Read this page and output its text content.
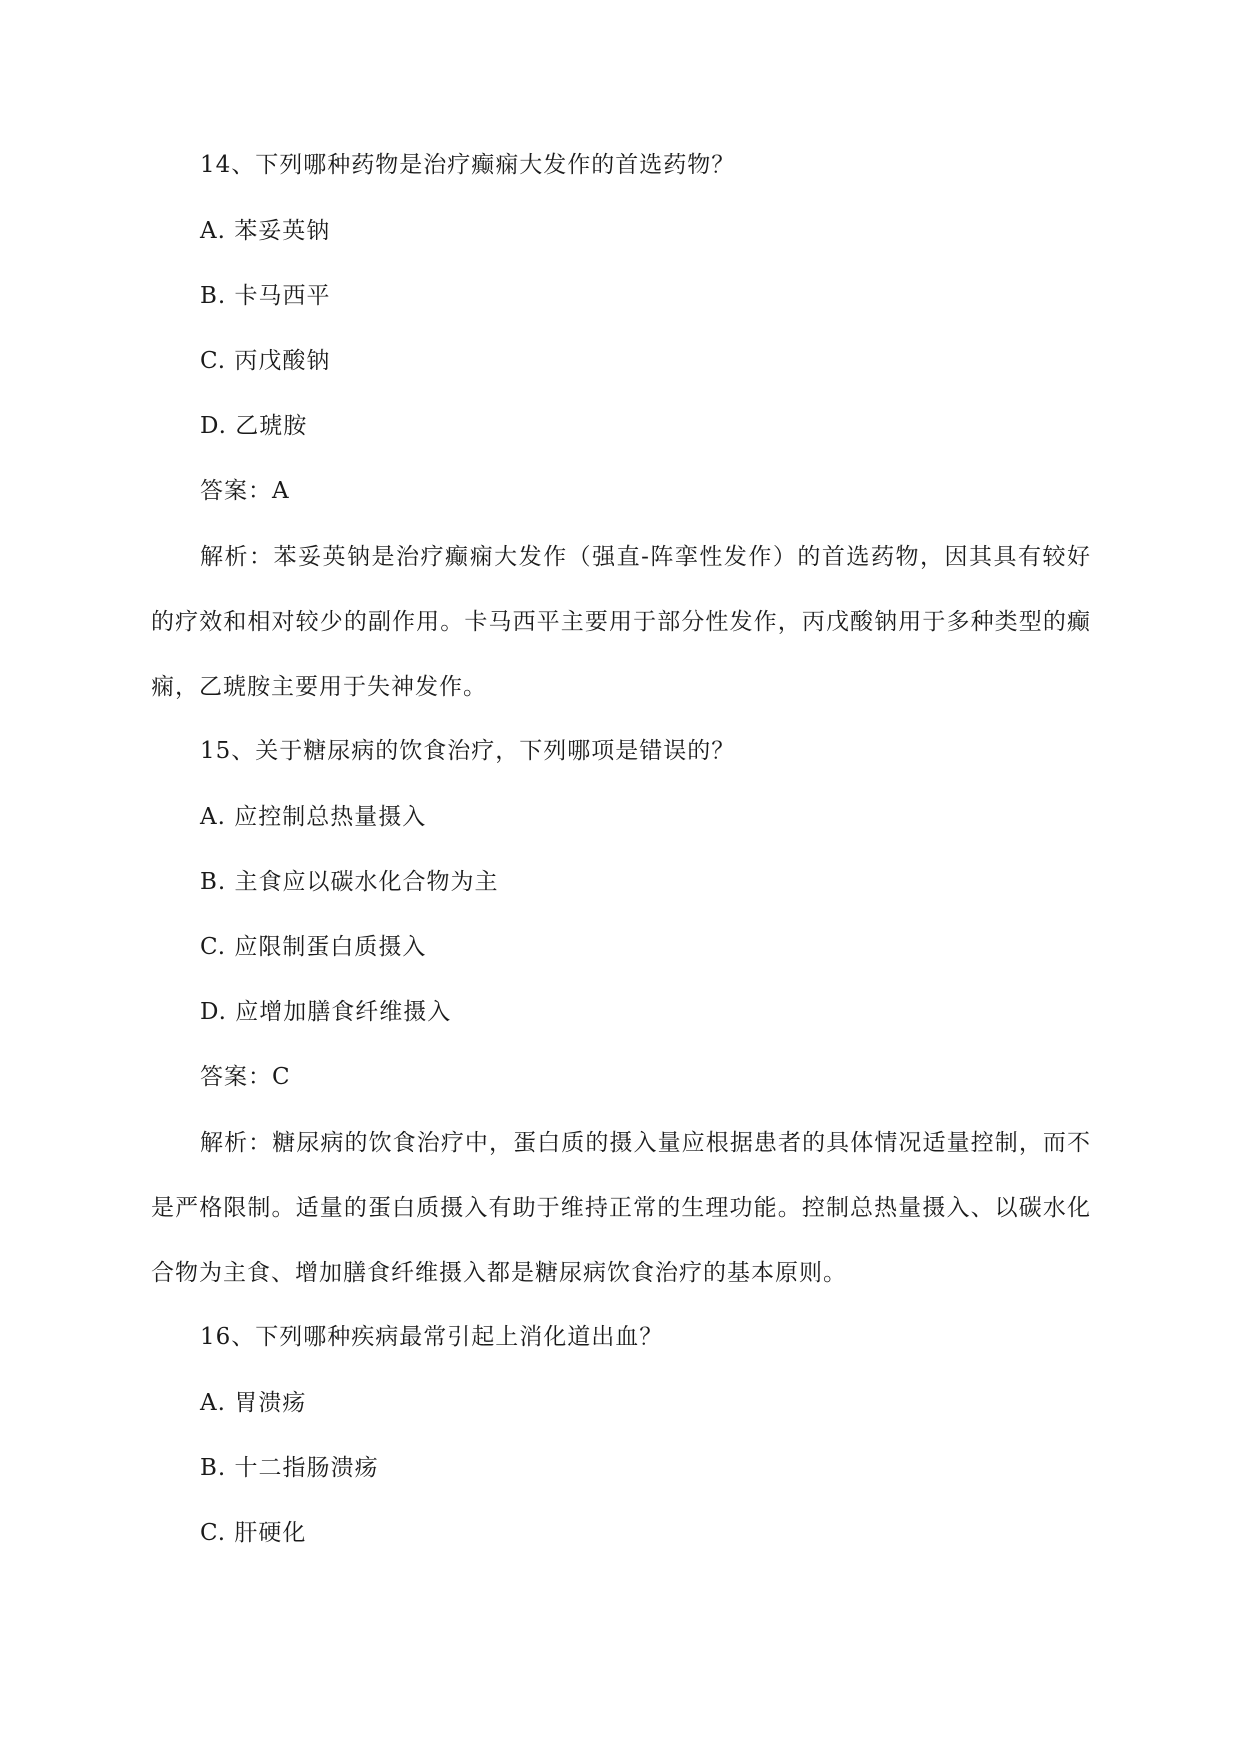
14、下列哪种药物是治疗癫痫大发作的首选药物？
A. 苯妥英钠
B. 卡马西平
C. 丙戊酸钠
D. 乙琥胺
答案：A
解析：苯妥英钠是治疗癫痫大发作（强直-阵挛性发作）的首选药物，因其具有较好的疗效和相对较少的副作用。卡马西平主要用于部分性发作，丙戊酸钠用于多种类型的癫痫，乙琥胺主要用于失神发作。
15、关于糖尿病的饮食治疗，下列哪项是错误的？
A. 应控制总热量摄入
B. 主食应以碳水化合物为主
C. 应限制蛋白质摄入
D. 应增加膳食纤维摄入
答案：C
解析：糖尿病的饮食治疗中，蛋白质的摄入量应根据患者的具体情况适量控制，而不是严格限制。适量的蛋白质摄入有助于维持正常的生理功能。控制总热量摄入、以碳水化合物为主食、增加膳食纤维摄入都是糖尿病饮食治疗的基本原则。
16、下列哪种疾病最常引起上消化道出血？
A. 胃溃疡
B. 十二指肠溃疡
C. 肝硬化
